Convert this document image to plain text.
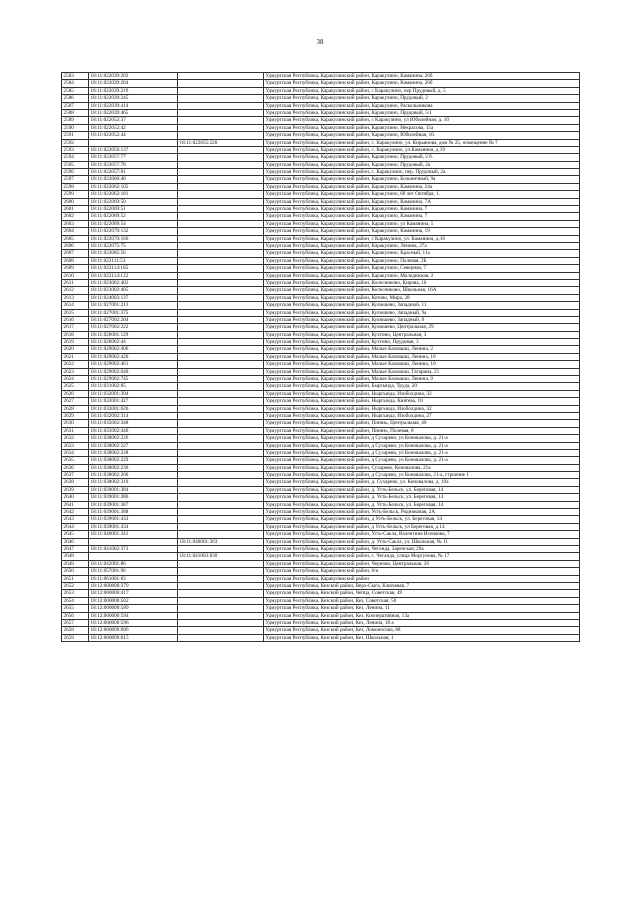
38
2583	18:11:022039:203		Удмуртская Республика, Каракулинский район, Каракулино, Каманина, 26б
2584	18:11:022039:204		Удмуртская Республика, Каракулинский район, Каракулино, Каманина, 26б
2585	18:11:022039:219		Удмуртская Республика, Каракулинский район, с Каракулино, пер Прудовый, д. 5
2586	18:11:022039:245		Удмуртская Республика, Каракулинский район, Каракулино, Прудовый, 2
2587	18:11:022039:414		Удмуртская Республика, Каракулинский район, Каракулино, Раскольникова
2588	18:11:022039:465		Удмуртская Республика, Каракулинский район, Каракулино, Прудовый, 5/1
2589	18:11:022052:37		Удмуртская Республика, Каракулинский район, с Каракулино, ул Юбилейная, д. 10
2590	18:11:022052:42		Удмуртская Республика, Каракулинский район, Каракулино, Некрасова, 15а
2591	18:11:022052:44		Удмуртская Республика, Каракулинский район, Каракулино, Юбилейная, 10.
2592		18:11:022055:220	Удмуртская Республика, Каракулинский район, с. Каракулино, ул. Кирьянова, дом № 25, помещение № 7
2593	18:11:022056:137		Удмуртская Республика, Каракулинский район, с. Каракулино, ул.Каманина, д.19
2594	18:11:022057:77		Удмуртская Республика, Каракулинский район, Каракулино, Прудовый, 2 б.
2595	18:11:022057:78		Удмуртская Республика, Каракулинский район, Каракулино, Прудовый, 2а
2596	18:11:022057:81		Удмуртская Республика, Каракулинский район, с. Каракулино, пер. Прудовый, 2а
2597	18:11:022060:46		Удмуртская Республика, Каракулинский район, Каракулино, Больничный, 9а
2598	18:11:022062:105		Удмуртская Республика, Каракулинский район, Каракулино, Каманина, 24а
2599	18:11:022062:181		Удмуртская Республика, Каракулинский район, Каракулино, 60 лет Октября, 1.
2600	18:11:022069:50		Удмуртская Республика, Каракулинский район, Каракулино, Каманина, 7А
2601	18:11:022069:51		Удмуртская Республика, Каракулинский район, Каракулино, Каманина, 7
2602	18:11:022069:52		Удмуртская Республика, Каракулинский район, Каракулино, Каманина, 7
2603	18:11:022069:54		Удмуртская Республика, Каракулинский район, Каракулино, ул Каманина, 5
2604	18:11:022070:132		Удмуртская Республика, Каракулинский район, Каракулино, Каманина, 19
2605	18:11:022070:166		Удмуртская Республика, Каракулинский район, с Каракулино, ул. Каманина, д.16
2606	18:11:022075:75		Удмуртская Республика, Каракулинский район, Каракулино, Ленина, 27а
2607	18:11:022085:56		Удмуртская Республика, Каракулинский район, Каракулино, Красный, 11а
2608	18:11:022111:53		Удмуртская Республика, Каракулинский район, Каракулино, Полевая, 2Б
2609	18:11:022114:105		Удмуртская Республика, Каракулинский район, Каракулино, Северная, 7
2610	18:11:022114:132		Удмуртская Республика, Каракулинский район, Каракулино, Молодежная, 2
2611	18:11:023002:402		Удмуртская Республика, Каракулинский район, Колесниково, Кирова, 16
2612	18:11:023002:405		Удмуртская Республика, Каракулинский район, Колесниково, Школьная, 16А
2613	18:11:024003:137		Удмуртская Республика, Каракулинский район, Котово, Мира, 28
2614	18:11:027001:213		Удмуртская Республика, Каракулинский район, Кулюшево, Западный, 11
2615	18:11:027001:375		Удмуртская Республика, Каракулинский район, Кулюшево, Западный, 9а
2616	18:11:027002:204		Удмуртская Республика, Каракулинский район, Кулюшево, Западный, 8
2617	18:11:027002:222		Удмуртская Республика, Каракулинский район, Кулюшево, Центральная, 29
2618	18:11:028001:129		Удмуртская Республика, Каракулинский район, Кухтино, Центральная, 3
2619	18:11:028002:44		Удмуртская Республика, Каракулинский район, Кухтино, Прудовая, 3
2620	18:11:029002:406		Удмуртская Республика, Каракулинский район, Малые Калмаши, Ленина, 2
2621	18:11:029002:420		Удмуртская Республика, Каракулинский район, Малые Калмаши, Ленина, 16
2622	18:11:029002:461		Удмуртская Республика, Каракулинский район, Малые Калмаши, Ленина, 10
2623	18:11:029002:640		Удмуртская Республика, Каракулинский район, Малые Калмаши, Гагарина, 21
2624	18:11:029002:745		Удмуртская Республика, Каракулинский район, Малые Калмаши, Ленина, 9
2625	18:11:031002:85		Удмуртская Республика, Каракулинский район, Быргында, Труда, 20
2626	18:11:032001:394		Удмуртская Республика, Каракулинский район, Ныргында, Изоболдина, 32
2627	18:11:032001:427		Удмуртская Республика, Каракулинский район, Ныргында, Княгева, 10
2628	18:11:032001:626		Удмуртская Республика, Каракулинский район, Ныргында, Изоболдина, 32
2629	18:11:032002:314		Удмуртская Республика, Каракулинский район, Ныргында, Изоболдина, 27
2630	18:11:035002:348		Удмуртская Республика, Каракулинский район, Пинязь, Центральная, 40
2631	18:11:035002:440		Удмуртская Республика, Каракулинский район, Пинязь, Полевая, 8
2632	18:11:038002:226		Удмуртская Республика, Каракулинский район, д Сухарево, ул Коновалова, д. 21-а
2633	18:11:038002:227		Удмуртская Республика, Каракулинский район, д Сухарево, ул Коновалова, д. 21-а
2634	18:11:038002:228		Удмуртская Республика, Каракулинский район, д Сухарево, ул Коновалова, д. 21-а
2635	18:11:038002:229		Удмуртская Республика, Каракулинский район, д Сухарево, ул Коновалова, д. 21-а
2636	18:11:038002:230		Удмуртская Республика, Каракулинский район, Сухарево, Коновалова, 21а
2637	18:11:038002:266		Удмуртская Республика, Каракулинский район, д Сухарево, ул Коновалова, 21-а, строение 1
2638	18:11:038002:310		Удмуртская Республика, Каракулинский район, д. Сухарево, ул. Коновалова, д. 19а
2639	18:11:039001:384		Удмуртская Республика, Каракулинский район, д. Усть-Бельск, ул. Береговая, 14
2640	18:11:039001:386		Удмуртская Республика, Каракулинский район, д. Усть-Бельск, ул. Береговая, 14
2641	18:11:039001:387		Удмуртская Республика, Каракулинский район, д. Усть-Бельск, ул. Береговая, 14
2642	18:11:039001:388		Удмуртская Республика, Каракулинский район, Усть-Бельск, Родниковая, 2А
2643	18:11:039001:433		Удмуртская Республика, Каракулинский район, д Усть-Бельск, ул. Береговая, 14
2644	18:11:039001:434		Удмуртская Республика, Каракулинский район, д Усть-Бельск, ул Береговая, д 14
2645	18:11:040001:341		Удмуртская Республика, Каракулинский район, Усть-Сакла, Валентина Исенкова, 7
2646		18:11:040001:363	Удмуртская Республика, Каракулинский район, д. Усть-Сакла, ул. Школьная, № 11
2647	18:11:041002:373		Удмуртская Республика, Каракулинский район, Чеганда, Заречская, 29а
2648		18:11:041003:830	Удмуртская Республика, Каракулинский район, с. Чеганда, улица Моргунова, № 17
2649	18:11:042001:86		Удмуртская Республика, Каракулинский район, Черново, Центральная, 26
2650	18:11:057001:96		Удмуртская Республика, Каракулинский район, 6/и
2651	18:11:061001:83		Удмуртская Республика, Каракулинский район
2652	18:12:000000:379		Удмуртская Республика, Кезский район, Верх-Сыга, Ключевая, 7
2653	18:12:000000:417		Удмуртская Республика, Кезский район, Чепца, Советская, 49
2654	18:12:000000:502		Удмуртская Республика, Кезский район, Кез, Советская, 50
2655	18:12:000000:589		Удмуртская Республика, Кезский район, Кез, Ленина, 11
2656	18:12:000000:594		Удмуртская Республика, Кезский район, Кез, Кооперативная, 13а
2657	18:12:000000:596		Удмуртская Республика, Кезский район, Кез, Ленина, 18 а
2658	18:12:000000:606		Удмуртская Республика, Кезский район, Кез, Ломоносова, 88
2659	18:12:000000:615		Удмуртская Республика, Кезский район, Кез, Школьная, 1
